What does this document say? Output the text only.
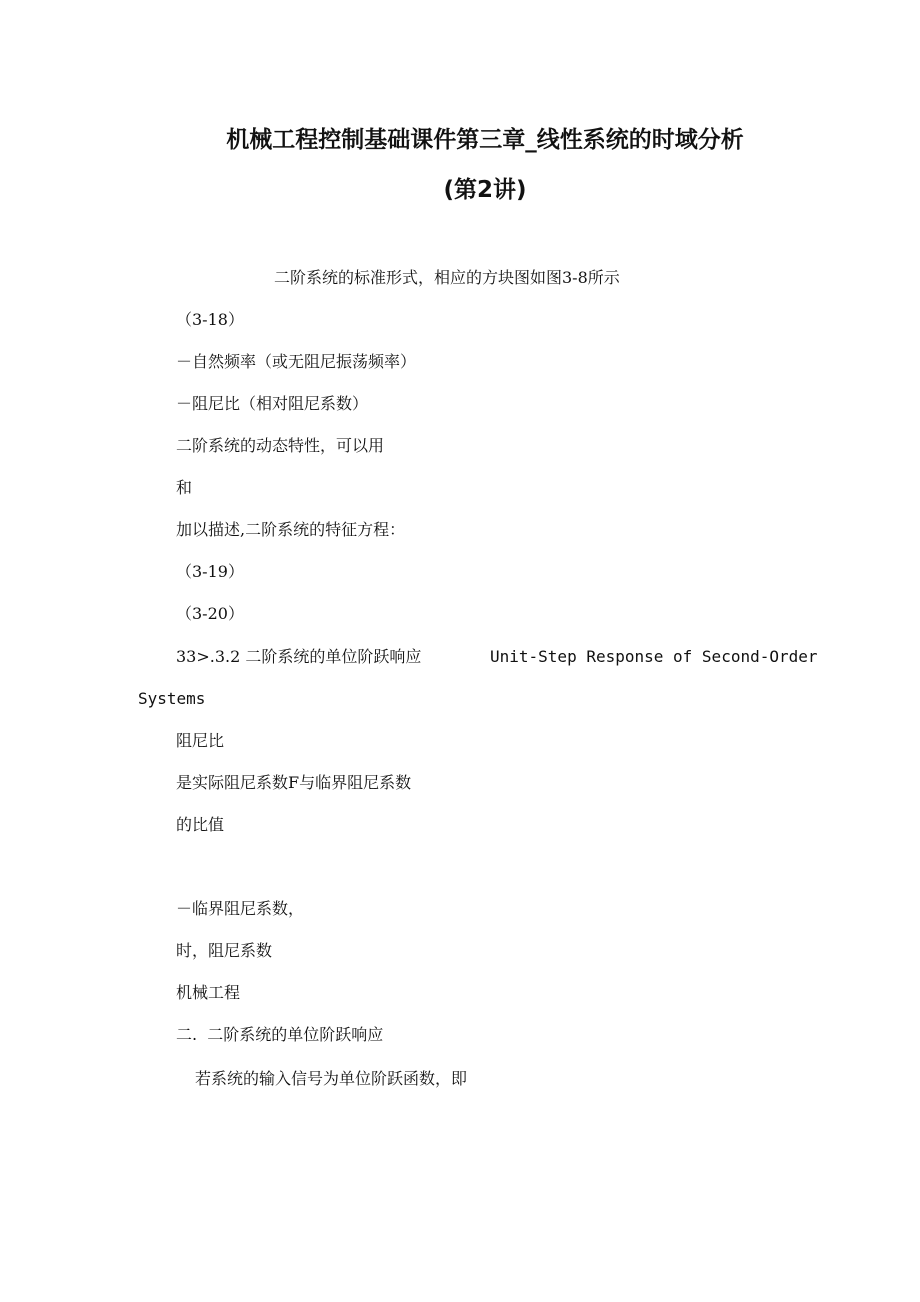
机械工程控制基础课件第三章_线性系统的时域分析
(第2讲)
二阶系统的标准形式，相应的方块图如图3-8所示
（3-18）
－自然频率（或无阻尼振荡频率）
－阻尼比（相对阻尼系数）
二阶系统的动态特性，可以用
和
加以描述,二阶系统的特征方程：
（3-19）
（3-20）
33>.3.2 二阶系统的单位阶跃响应	Unit-Step Response of Second-Order
Systems
阻尼比
是实际阻尼系数F与临界阻尼系数
的比值
－临界阻尼系数，
时，阻尼系数
机械工程
二.  二阶系统的单位阶跃响应
若系统的输入信号为单位阶跃函数，即
